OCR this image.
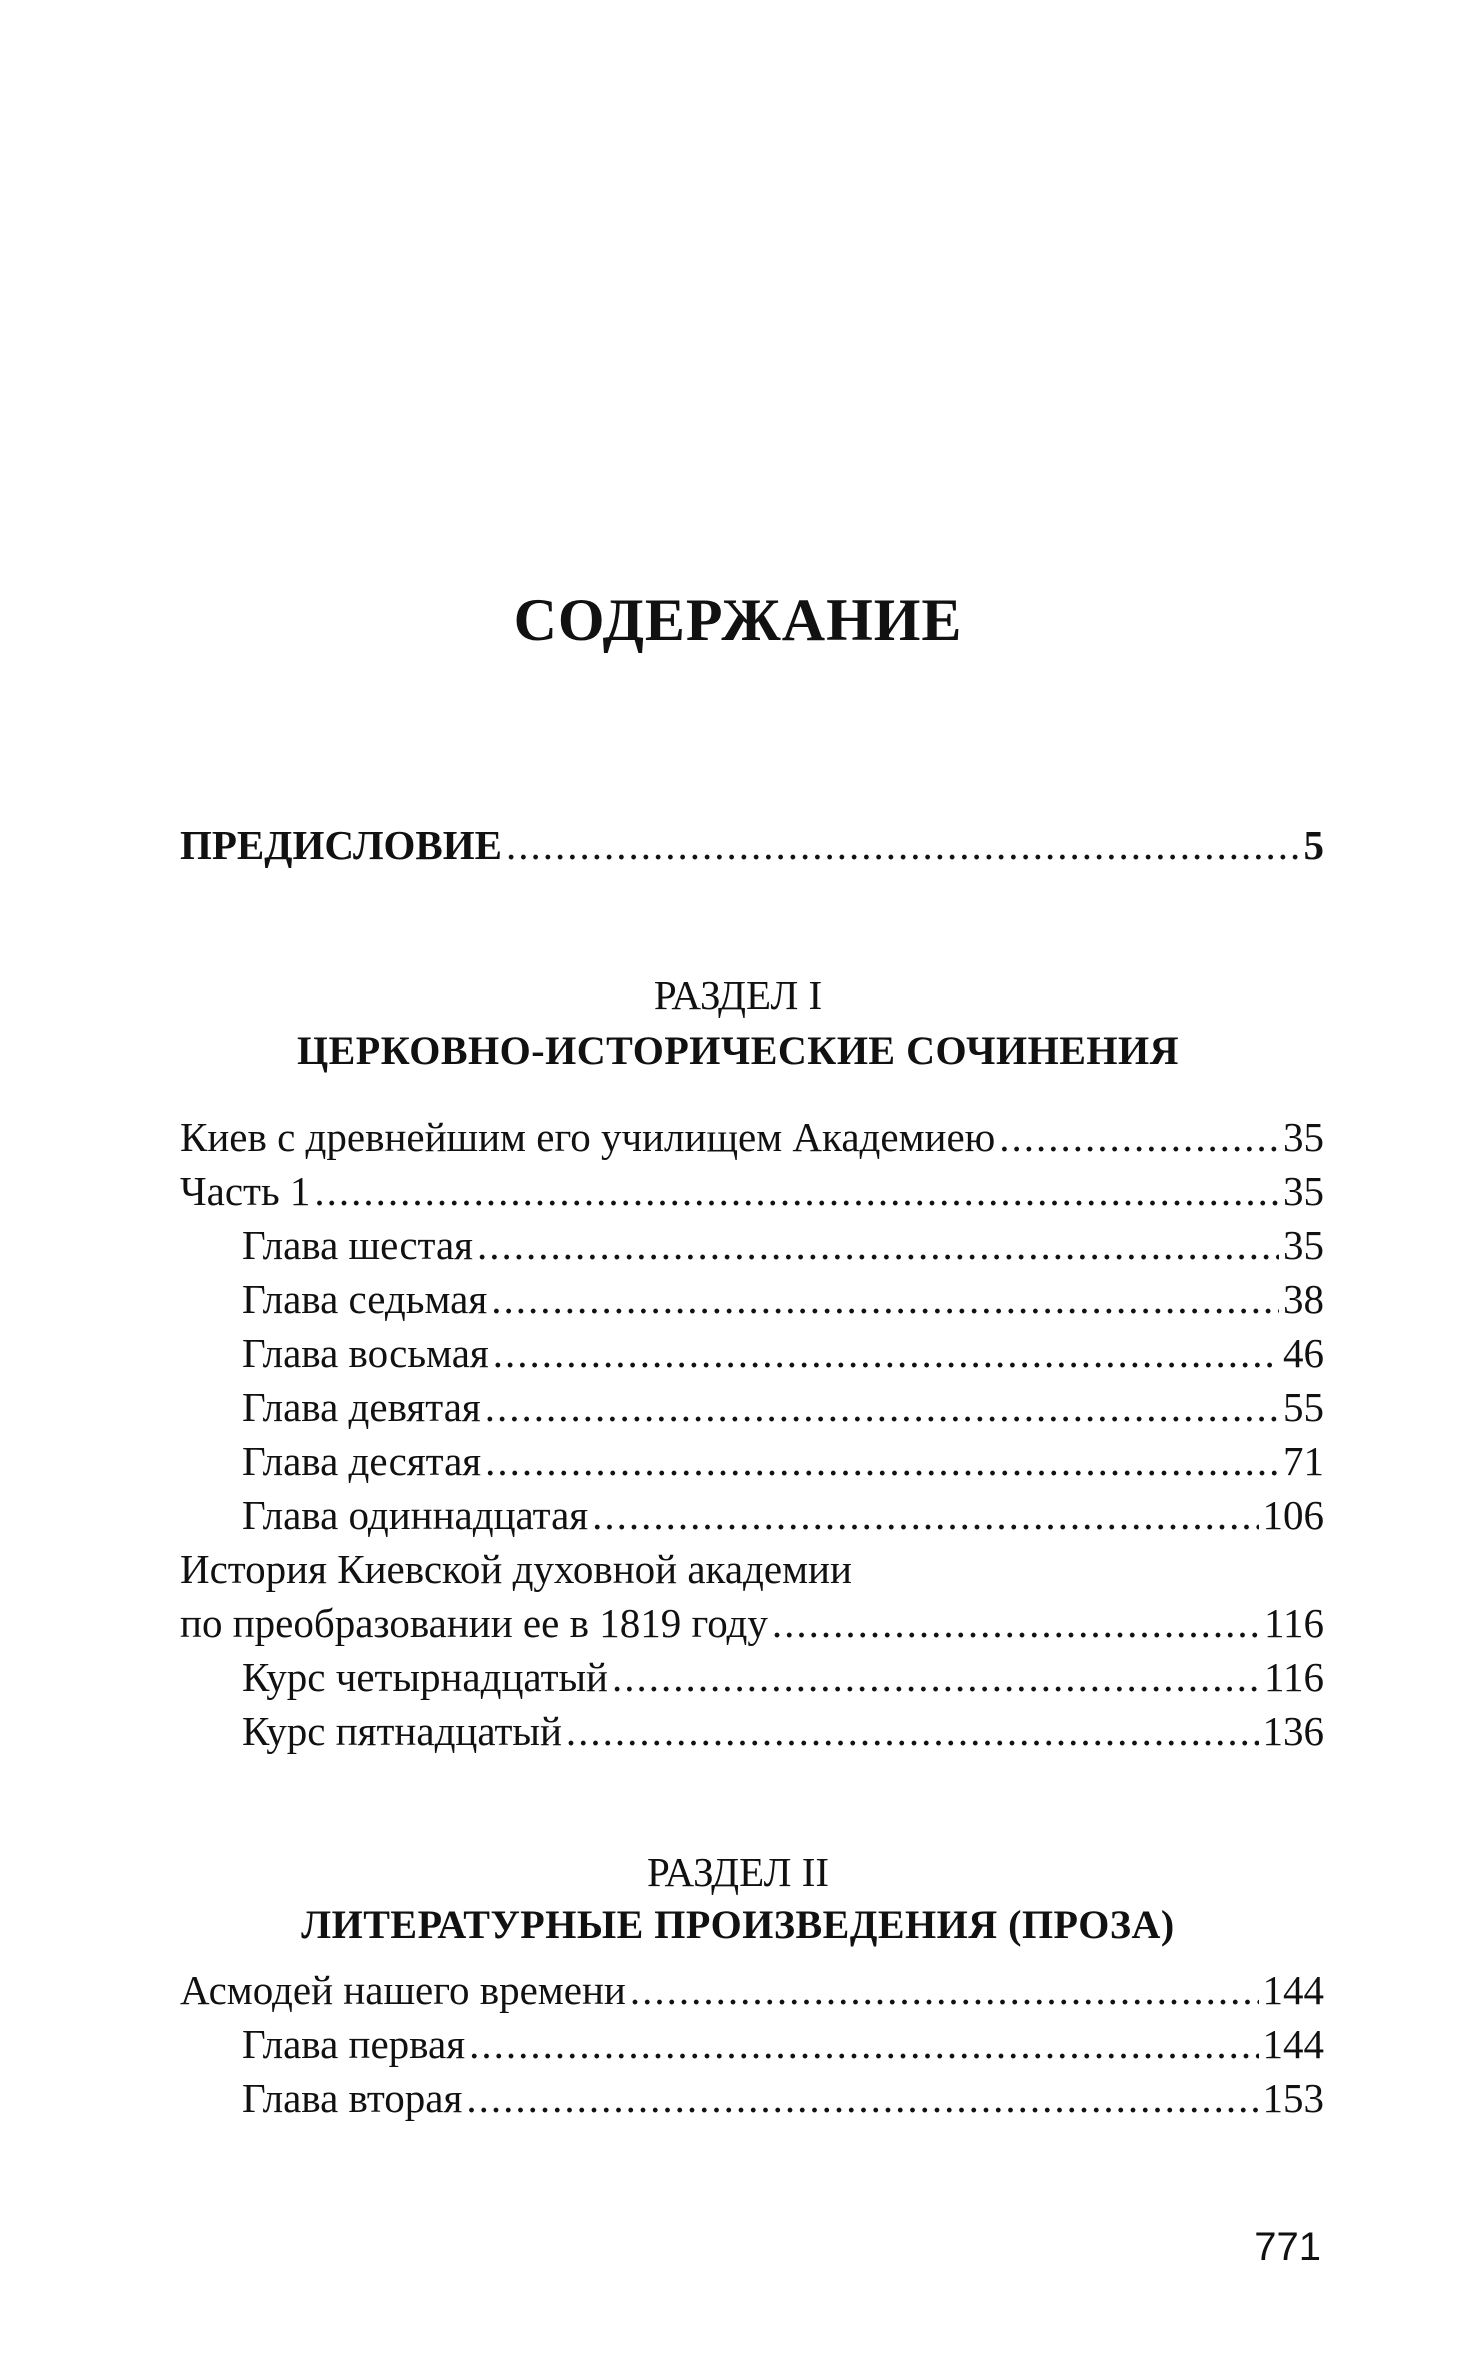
СОДЕРЖАНИЕ
ПРЕДИСЛОВИЕ .....	5
Киев с древнейшим его училищем Академиею .....	35
Часть 1 .....	35
Глава шестая .....	35
Глава седьмая .....	38
Глава восьмая .....	46
Глава девятая .....	55
Глава десятая .....	71
Глава одиннадцатая .....	106
История Киевской духовной академии
по преобразовании ее в 1819 году .....	116
Курс четырнадцатый .....	116
Курс пятнадцатый .....	136
Асмодей нашего времени .....	144
Глава первая .....	144
Глава вторая .....	153
РАЗДЕЛ I
ЦЕРКОВНО-ИСТОРИЧЕСКИЕ СОЧИНЕНИЯ
РАЗДЕЛ II
ЛИТЕРАТУРНЫЕ ПРОИЗВЕДЕНИЯ (ПРОЗА)
771
